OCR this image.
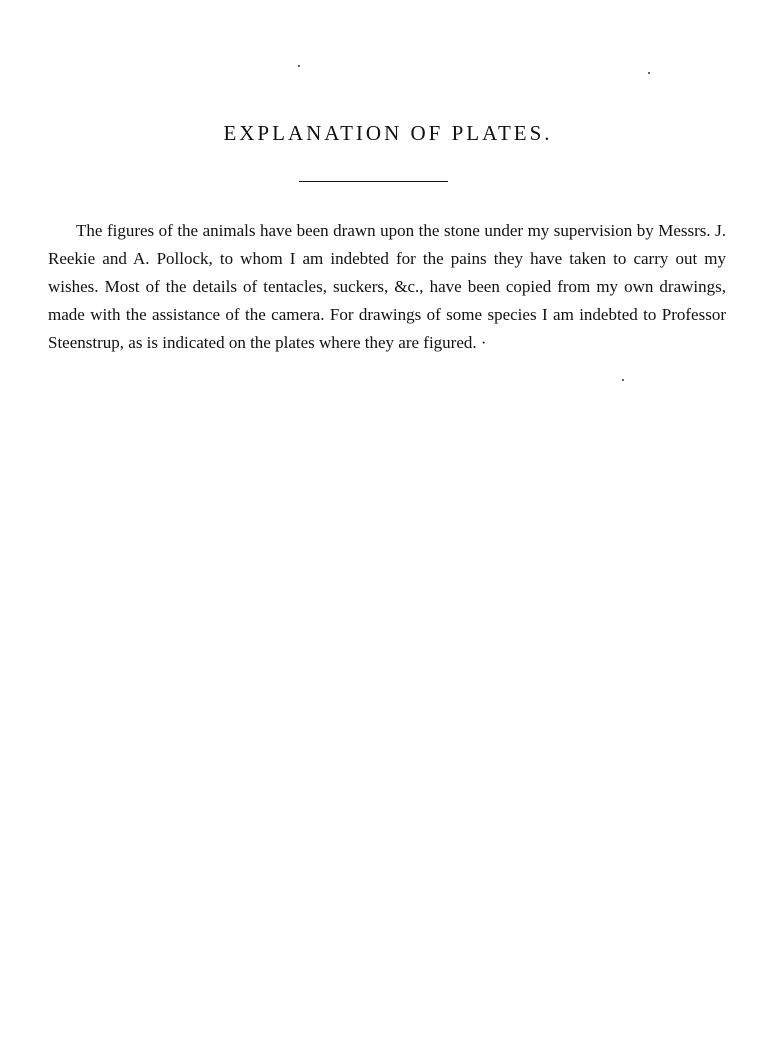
EXPLANATION OF PLATES.

The figures of the animals have been drawn upon the stone under my supervision by Messrs. J. Reekie and A. Pollock, to whom I am indebted for the pains they have taken to carry out my wishes. Most of the details of tentacles, suckers, &c., have been copied from my own drawings, made with the assistance of the camera. For drawings of some species I am indebted to Professor Steenstrup, as is indicated on the plates where they are figured. ·
